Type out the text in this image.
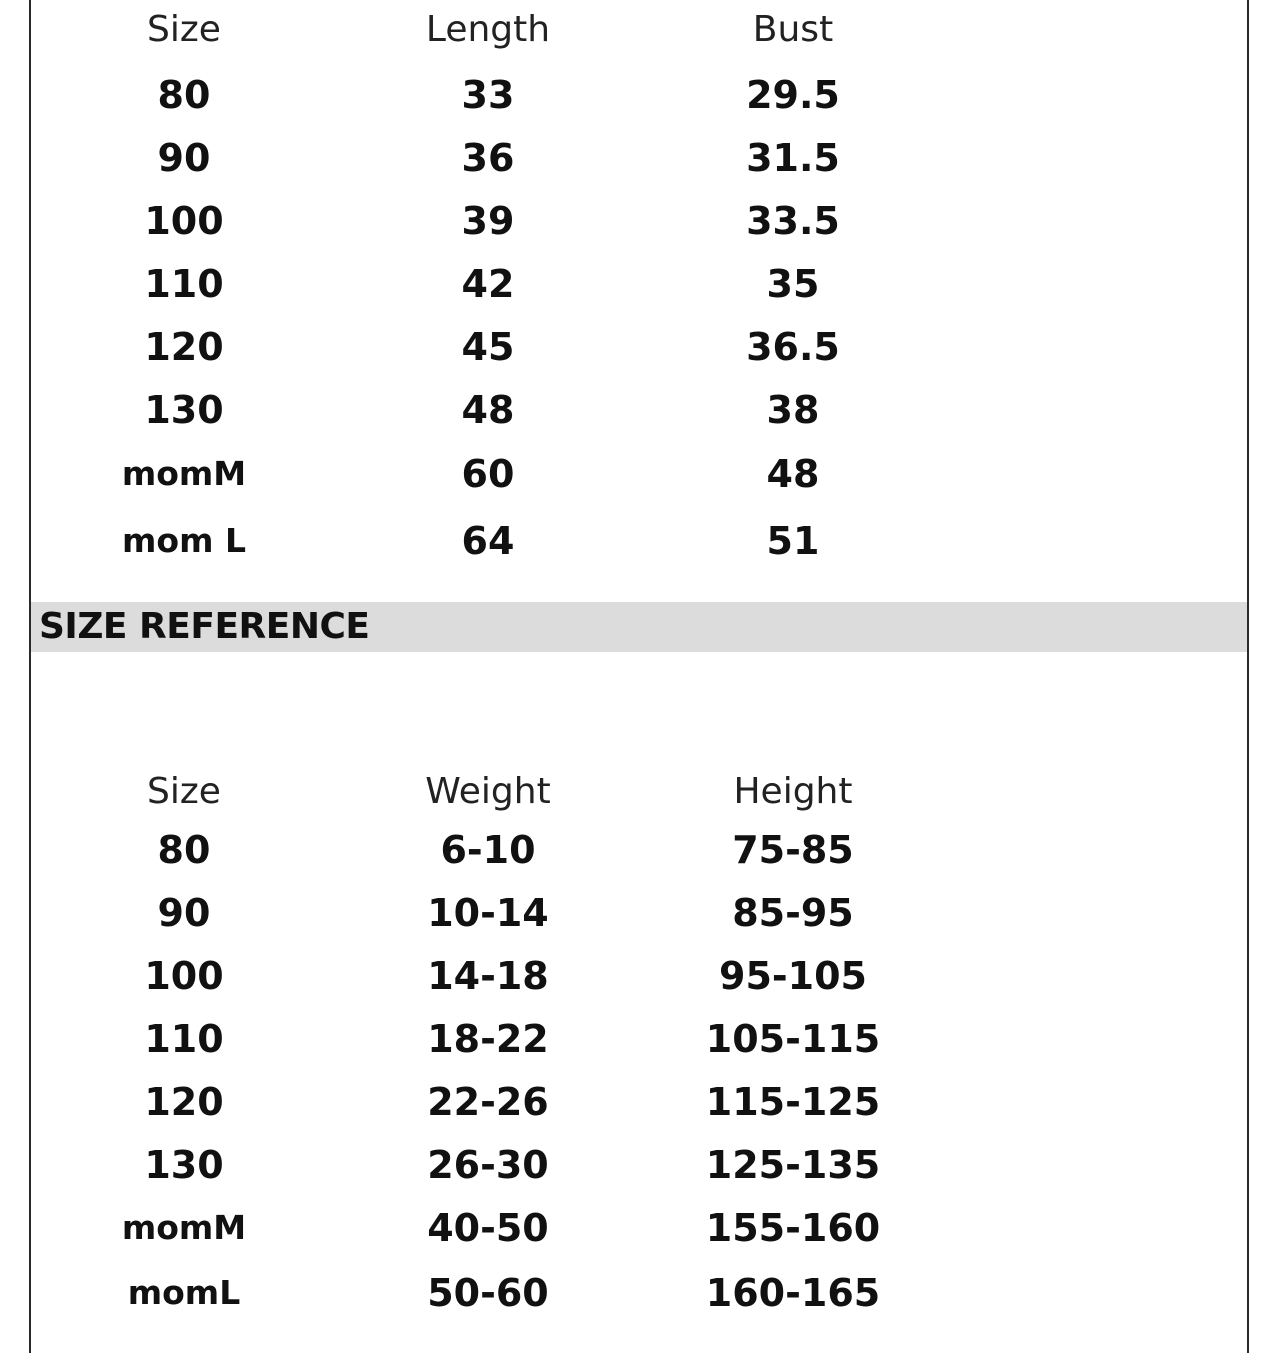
Size	Length	Bust
80	33	29.5
90	36	31.5
100	39	33.5
110	42	35
120	45	36.5
130	48	38
momM	60	48
mom L	64	51
SIZE REFERENCE
Size	Weight	Height
80	6-10	75-85
90	10-14	85-95
100	14-18	95-105
110	18-22	105-115
120	22-26	115-125
130	26-30	125-135
momM	40-50	155-160
momL	50-60	160-165
